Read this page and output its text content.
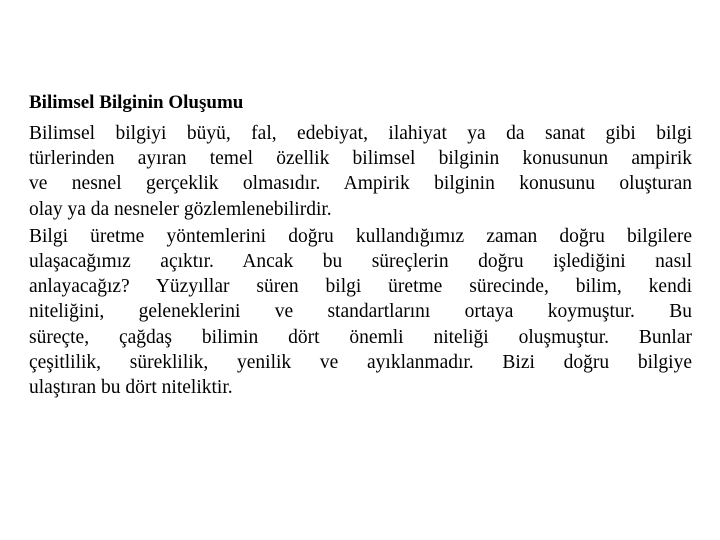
Bilimsel Bilginin Oluşumu
Bilimsel bilgiyi büyü, fal, edebiyat, ilahiyat ya da sanat gibi bilgi
türlerinden ayıran temel özellik bilimsel bilginin konusunun ampirik
ve nesnel gerçeklik olmasıdır. Ampirik bilginin konusunu oluşturan
olay ya da nesneler gözlemlenebilirdir.
Bilgi üretme yöntemlerini doğru kullandığımız zaman doğru bilgilere
ulaşacağımız açıktır. Ancak bu süreçlerin doğru işlediğini nasıl
anlayacağız? Yüzyıllar süren bilgi üretme sürecinde, bilim, kendi
niteliğini, geleneklerini ve standartlarını ortaya koymuştur. Bu
süreçte, çağdaş bilimin dört önemli niteliği oluşmuştur. Bunlar
çeşitlilik, süreklilik, yenilik ve ayıklanmadır. Bizi doğru bilgiye
ulaştıran bu dört niteliktir.
